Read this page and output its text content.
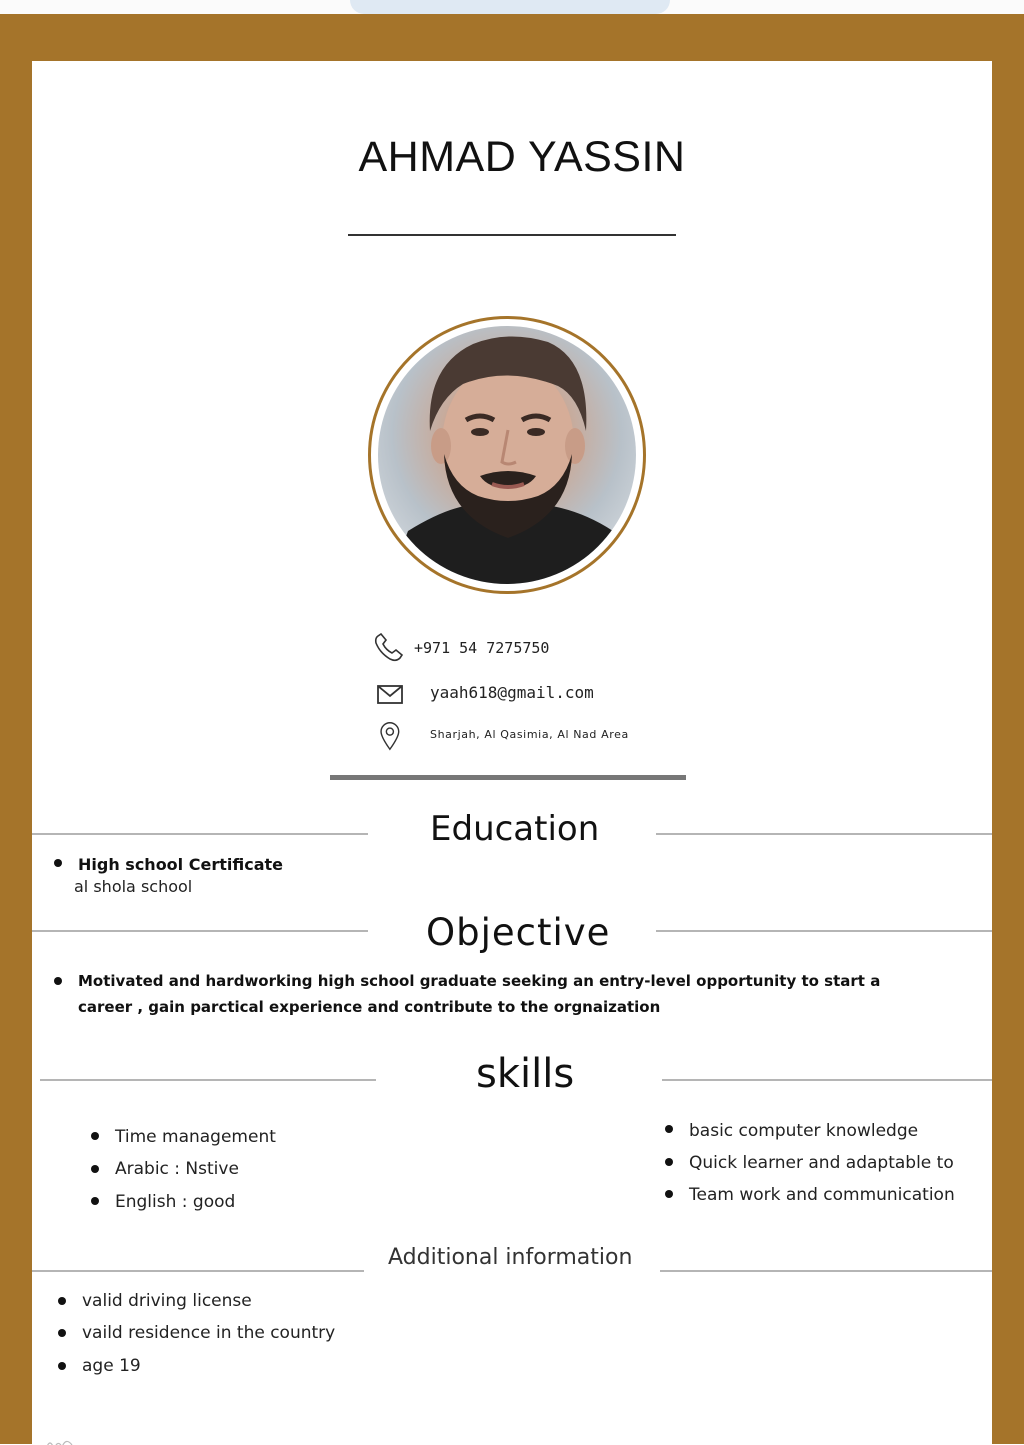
AHMAD YASSIN
+971 54 7275750
yaah618@gmail.com
Sharjah, Al Qasimia, Al Nad Area
Education
High school Certificate
al shola school
Objective
Motivated and hardworking high school graduate seeking an entry-level opportunity to start a
career , gain parctical experience and contribute to the orgnaization
skills
Time management
Arabic : Nstive
English : good
basic computer knowledge
Quick learner and adaptable to
Team work and communication
Additional information
valid driving license
vaild residence in the country
age 19
